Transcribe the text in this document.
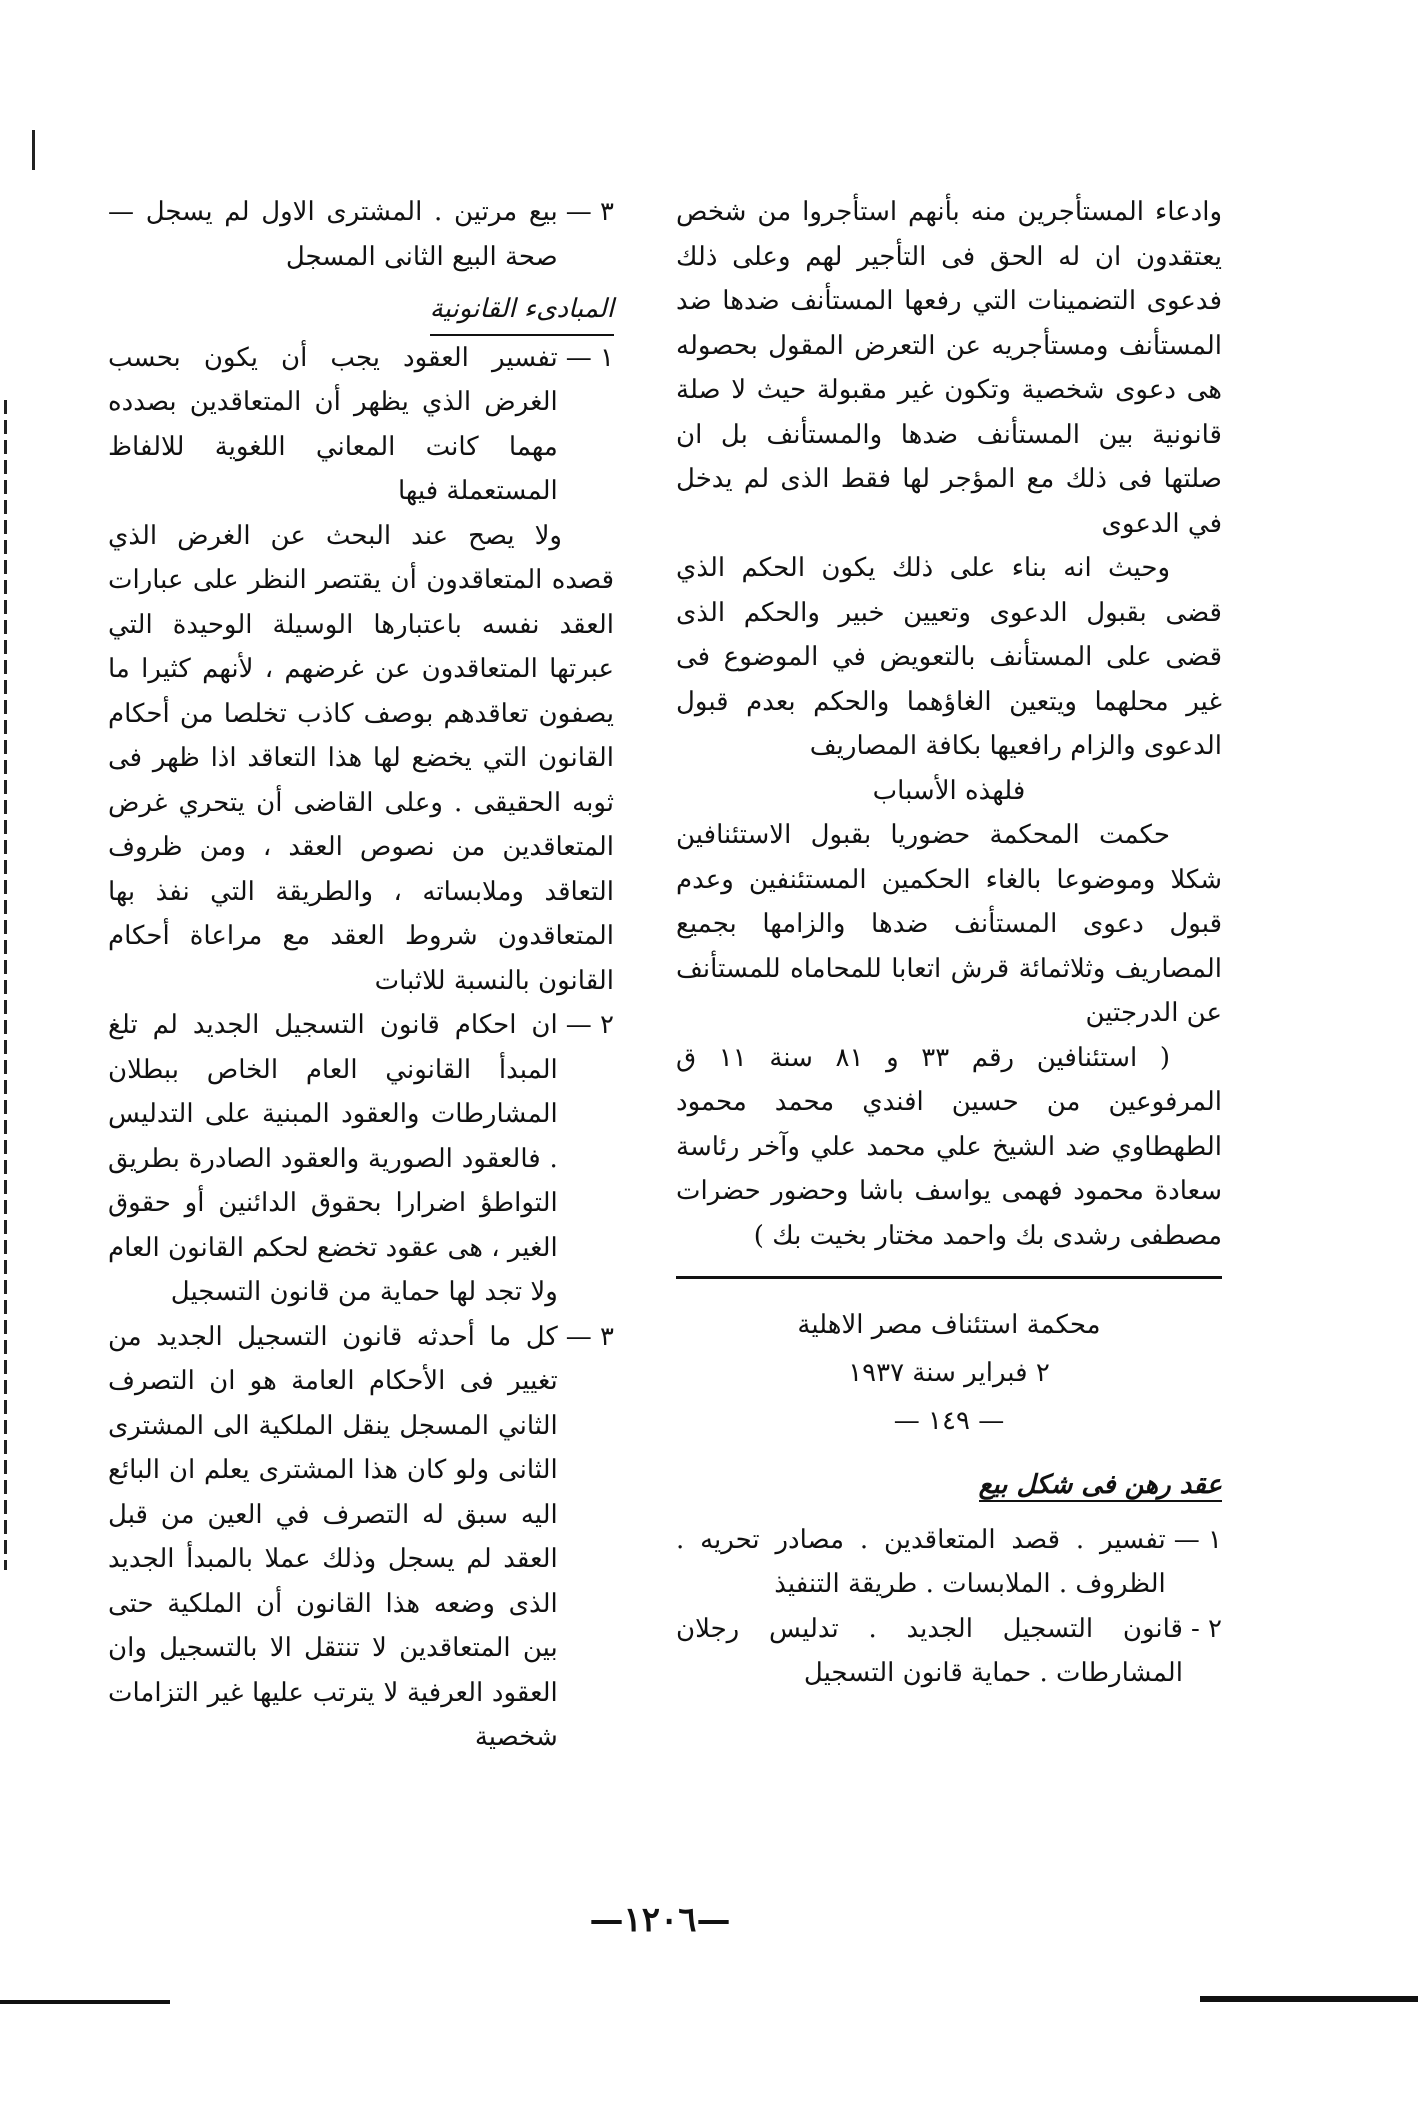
وادعاء المستأجرين منه بأنهم استأجروا من شخص يعتقدون ان له الحق فى التأجير لهم وعلى ذلك فدعوى التضمينات التي رفعها المستأنف ضدها ضد المستأنف ومستأجريه عن التعرض المقول بحصوله هى دعوى شخصية وتكون غير مقبولة حيث لا صلة قانونية بين المستأنف ضدها والمستأنف بل ان صلتها فى ذلك مع المؤجر لها فقط الذى لم يدخل في الدعوى

وحيث انه بناء على ذلك يكون الحكم الذي قضى بقبول الدعوى وتعيين خبير والحكم الذى قضى على المستأنف بالتعويض في الموضوع فى غير محلهما ويتعين الغاؤهما والحكم بعدم قبول الدعوى والزام رافعيها بكافة المصاريف

فلهذه الأسباب

حكمت المحكمة حضوريا بقبول الاستئنافين شكلا وموضوعا بالغاء الحكمين المستئنفين وعدم قبول دعوى المستأنف ضدها والزامها بجميع المصاريف وثلاثمائة قرش اتعابا للمحاماه للمستأنف عن الدرجتين

( استئنافين رقم ٣٣ و ٨١ سنة ١١ ق المرفوعين من حسين افندي محمد محمود الطهطاوي ضد الشيخ علي محمد علي وآخر رئاسة سعادة محمود فهمى يواسف باشا وحضور حضرات مصطفى رشدى بك واحمد مختار بخيت بك )

محكمة استئناف مصر الاهلية

٢ فبراير سنة ١٩٣٧

— ١٤٩ —

عقد رهن فى شكل بيع

١ —
تفسير . قصد المتعاقدين . مصادر تحريه . الظروف . الملابسات . طريقة التنفيذ
٢ -
قانون التسجيل الجديد . تدليس رجلان المشارطات . حماية قانون التسجيل
٣ —
بيع مرتين . المشترى الاول لم يسجل — صحة البيع الثانى المسجل

المبادىء القانونية

١ —
تفسير العقود يجب أن يكون بحسب الغرض الذي يظهر أن المتعاقدين بصدده مهما كانت المعاني اللغوية للالفاظ المستعملة فيها

ولا يصح عند البحث عن الغرض الذي قصده المتعاقدون أن يقتصر النظر على عبارات العقد نفسه باعتبارها الوسيلة الوحيدة التي عبرتها المتعاقدون عن غرضهم ، لأنهم كثيرا ما يصفون تعاقدهم بوصف كاذب تخلصا من أحكام القانون التي يخضع لها هذا التعاقد اذا ظهر فى ثوبه الحقيقى . وعلى القاضى أن يتحري غرض المتعاقدين من نصوص العقد ، ومن ظروف التعاقد وملابساته ، والطريقة التي نفذ بها المتعاقدون شروط العقد مع مراعاة أحكام القانون بالنسبة للاثبات

٢ —
ان احكام قانون التسجيل الجديد لم تلغ المبدأ القانوني العام الخاص ببطلان المشارطات والعقود المبنية على التدليس . فالعقود الصورية والعقود الصادرة بطريق التواطؤ اضرارا بحقوق الدائنين أو حقوق الغير ، هى عقود تخضع لحكم القانون العام ولا تجد لها حماية من قانون التسجيل
٣ —
كل ما أحدثه قانون التسجيل الجديد من تغيير فى الأحكام العامة هو ان التصرف الثاني المسجل ينقل الملكية الى المشترى الثانى ولو كان هذا المشترى يعلم ان البائع اليه سبق له التصرف في العين من قبل العقد لم يسجل وذلك عملا بالمبدأ الجديد الذى وضعه هذا القانون أن الملكية حتى بين المتعاقدين لا تنتقل الا بالتسجيل وان العقود العرفية لا يترتب عليها غير التزامات شخصية
—١٢٠٦—
